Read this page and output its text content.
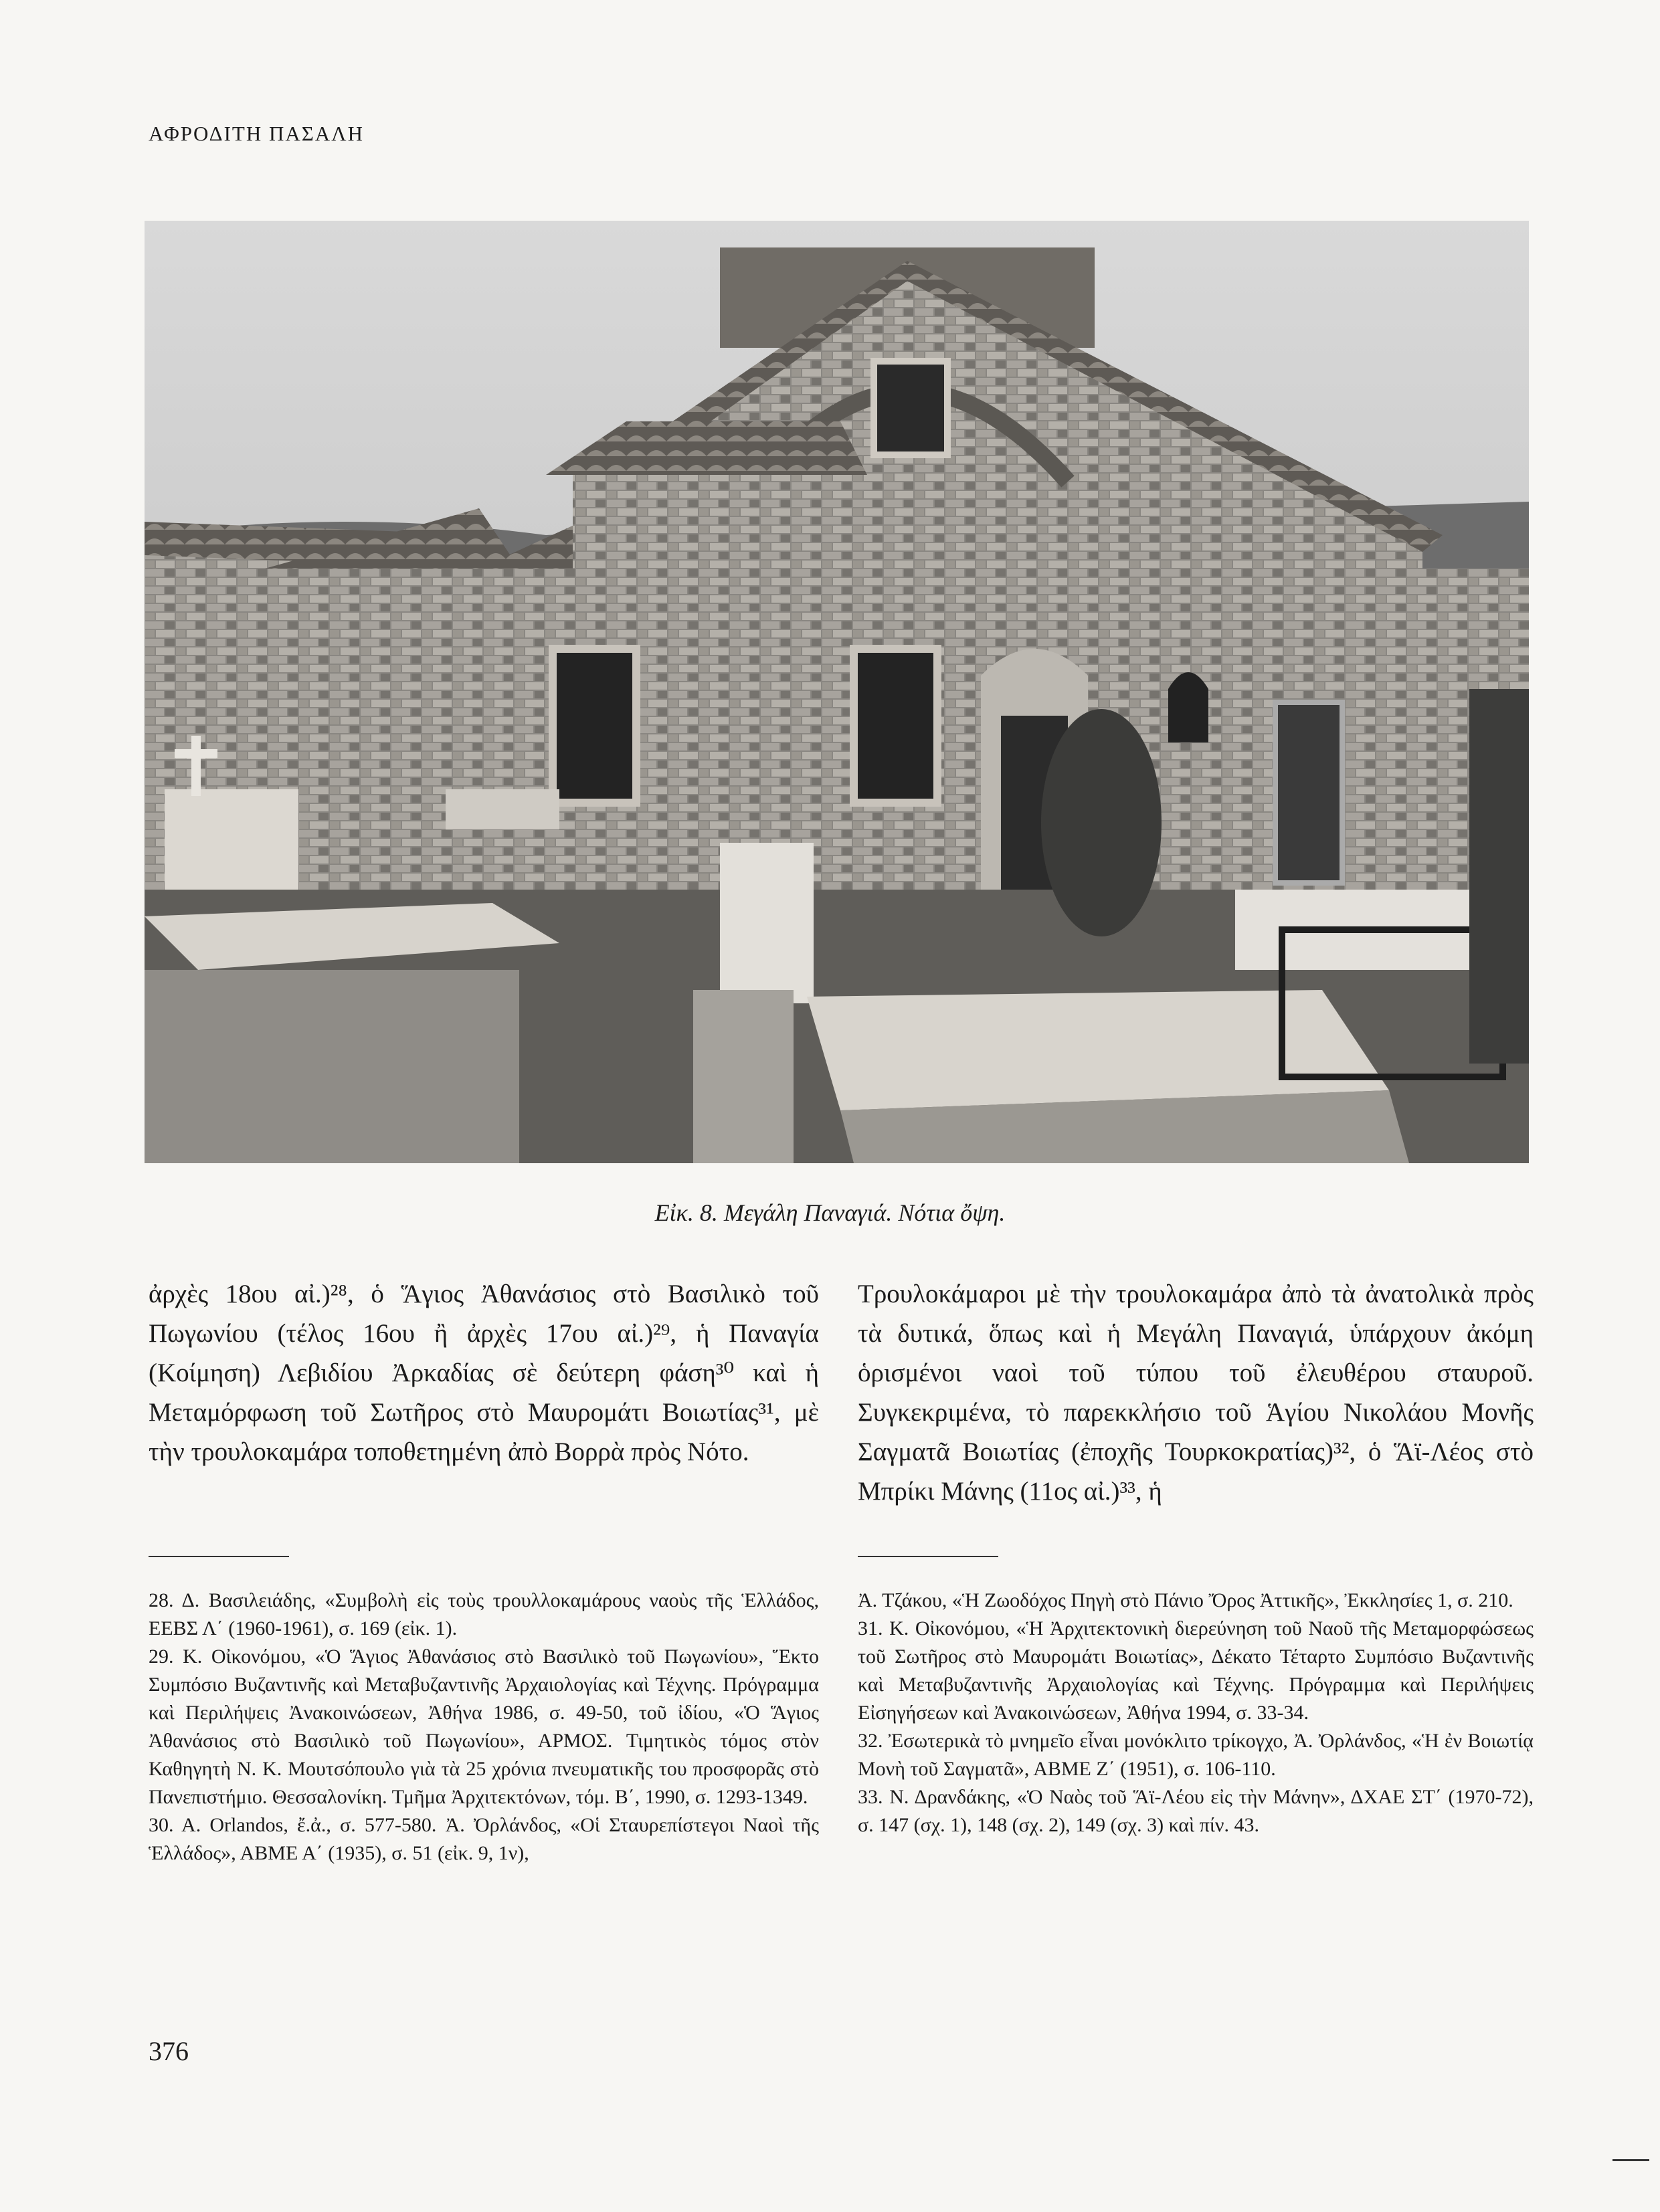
ΑΦΡΟΔΙΤΗ ΠΑΣΑΛΗ
Εἰκ. 8. Μεγάλη Παναγιά. Νότια ὄψη.

ἀρχὲς 18ου αἰ.)²⁸, ὁ Ἅγιος Ἀθανάσιος στὸ Βασιλικὸ τοῦ Πωγωνίου (τέλος 16ου ἢ ἀρχὲς 17ου αἰ.)²⁹, ἡ Παναγία (Κοίμηση) Λεβιδίου Ἀρκαδίας σὲ δεύτερη φάση³⁰ καὶ ἡ Μεταμόρφωση τοῦ Σωτῆρος στὸ Μαυρομάτι Βοιωτίας³¹, μὲ τὴν τρουλοκαμάρα τοποθετημένη ἀπὸ Βορρὰ πρὸς Νότο.

Τρουλοκάμαροι μὲ τὴν τρουλοκαμάρα ἀπὸ τὰ ἀνατολικὰ πρὸς τὰ δυτικά, ὅπως καὶ ἡ Μεγάλη Παναγιά, ὑπάρχουν ἀκόμη ὁρισμένοι ναοὶ τοῦ τύπου τοῦ ἐλευθέρου σταυροῦ. Συγκεκριμένα, τὸ παρεκκλήσιο τοῦ Ἁγίου Νικολάου Μονῆς Σαγματᾶ Βοιωτίας (ἐποχῆς Τουρκοκρατίας)³², ὁ Ἅϊ-Λέος στὸ Μπρίκι Μάνης (11ος αἰ.)³³, ἡ

28. Δ. Βασιλειάδης, «Συμβολὴ εἰς τοὺς τρουλλοκαμάρους ναοὺς τῆς Ἑλλάδος, ΕΕΒΣ Λ΄ (1960-1961), σ. 169 (εἰκ. 1).

29. Κ. Οἰκονόμου, «Ὁ Ἅγιος Ἀθανάσιος στὸ Βασιλικὸ τοῦ Πωγωνίου», Ἕκτο Συμπόσιο Βυζαντινῆς καὶ Μεταβυζαντινῆς Ἀρχαιολογίας καὶ Τέχνης. Πρόγραμμα καὶ Περιλήψεις Ἀνακοινώσεων, Ἀθήνα 1986, σ. 49-50, τοῦ ἰδίου, «Ὁ Ἅγιος Ἀθανάσιος στὸ Βασιλικὸ τοῦ Πωγωνίου», ΑΡΜΟΣ. Τιμητικὸς τόμος στὸν Καθηγητὴ Ν. Κ. Μουτσόπουλο γιὰ τὰ 25 χρόνια πνευματικῆς του προσφορᾶς στὸ Πανεπιστήμιο. Θεσσαλονίκη. Τμῆμα Ἀρχιτεκτόνων, τόμ. Β΄, 1990, σ. 1293-1349.

30. A. Orlandos, ἔ.ἀ., σ. 577-580. Ἀ. Ὀρλάνδος, «Οἱ Σταυρεπίστεγοι Ναοὶ τῆς Ἑλλάδος», ΑΒΜΕ Α΄ (1935), σ. 51 (εἰκ. 9, 1ν),

Ἀ. Τζάκου, «Ἡ Ζωοδόχος Πηγὴ στὸ Πάνιο Ὄρος Ἀττικῆς», Ἐκκλησίες 1, σ. 210.

31. Κ. Οἰκονόμου, «Ἡ Ἀρχιτεκτονικὴ διερεύνηση τοῦ Ναοῦ τῆς Μεταμορφώσεως τοῦ Σωτῆρος στὸ Μαυρομάτι Βοιωτίας», Δέκατο Τέταρτο Συμπόσιο Βυζαντινῆς καὶ Μεταβυζαντινῆς Ἀρχαιολογίας καὶ Τέχνης. Πρόγραμμα καὶ Περιλήψεις Εἰσηγήσεων καὶ Ἀνακοινώσεων, Ἀθήνα 1994, σ. 33-34.

32. Ἐσωτερικὰ τὸ μνημεῖο εἶναι μονόκλιτο τρίκογχο, Ἀ. Ὀρλάνδος, «Ἡ ἐν Βοιωτίᾳ Μονὴ τοῦ Σαγματᾶ», ΑΒΜΕ Ζ΄ (1951), σ. 106-110.

33. Ν. Δρανδάκης, «Ὁ Ναὸς τοῦ Ἅϊ-Λέου εἰς τὴν Μάνην», ΔΧΑΕ ΣΤ΄ (1970-72), σ. 147 (σχ. 1), 148 (σχ. 2), 149 (σχ. 3) καὶ πίν. 43.

376
